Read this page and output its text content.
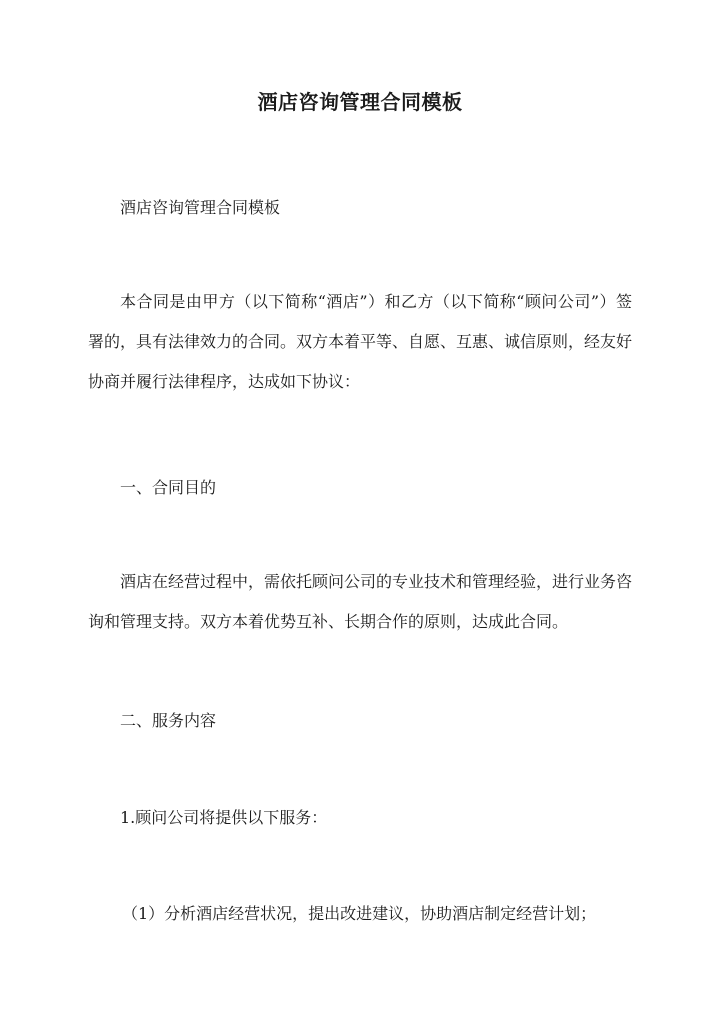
酒店咨询管理合同模板
酒店咨询管理合同模板
本合同是由甲方（以下简称“酒店”）和乙方（以下简称“顾问公司”）签署的，具有法律效力的合同。双方本着平等、自愿、互惠、诚信原则，经友好协商并履行法律程序，达成如下协议：
一、合同目的
酒店在经营过程中，需依托顾问公司的专业技术和管理经验，进行业务咨询和管理支持。双方本着优势互补、长期合作的原则，达成此合同。
二、服务内容
1.顾问公司将提供以下服务：
（1）分析酒店经营状况，提出改进建议，协助酒店制定经营计划；
